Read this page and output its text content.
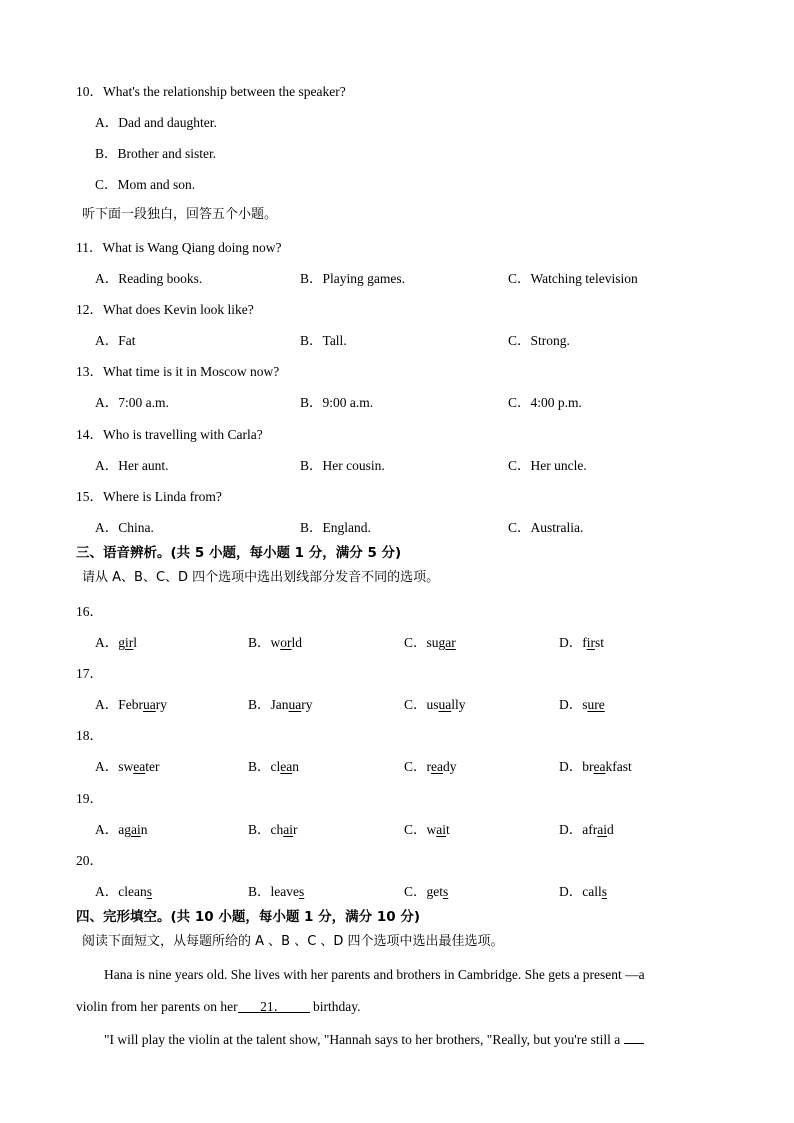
10．What's the relationship between the speaker?
A．Dad and daughter.
B．Brother and sister.
C．Mom and son.
听下面一段独白，回答五个小题。
11．What is Wang Qiang doing now?
A．Reading books.	B．Playing games.	C．Watching television
12．What does Kevin look like?
A．Fat	B．Tall.	C．Strong.
13．What time is it in Moscow now?
A．7:00 a.m.	B．9:00 a.m.	C．4:00 p.m.
14．Who is travelling with Carla?
A．Her aunt.	B．Her cousin.	C．Her uncle.
15．Where is Linda from?
A．China.	B．England.	C．Australia.
三、语音辨析。(共 5 小题，每小题 1 分，满分 5 分)
请从 A、B、C、D 四个选项中选出划线部分发音不同的选项。
16．
A．girl	B．world	C．sugar	D．first
17．
A．February	B．January	C．usually	D．sure
18．
A．sweater	B．clean	C．ready	D．breakfast
19．
A．again	B．chair	C．wait	D．afraid
20．
A．cleans	B．leaves	C．gets	D．calls
四、完形填空。(共 10 小题，每小题 1 分，满分 10 分)
阅读下面短文，从每题所给的 A 、B 、C 、D 四个选项中选出最佳选项。
Hana is nine years old. She lives with her parents and brothers in Cambridge. She gets a present —a
violin from her parents on her 21． birthday.
"I will play the violin at the talent show, "Hannah says to her brothers, "Really, but you're still a
